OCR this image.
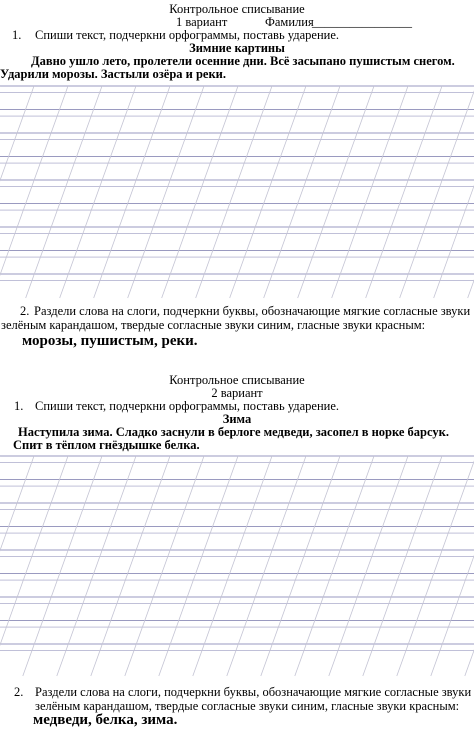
Контрольное списывание
1 вариант	Фамилия
________________
1. Спиши текст, подчеркни орфограммы, поставь ударение.
Зимние картины
Давно ушло лето, пролетели осенние дни. Всё засыпано пушистым снегом.
Ударили морозы. Застыли озёра и реки.
2. Раздели слова на слоги, подчеркни буквы, обозначающие мягкие согласные звуки
зелёным карандашом, твердые согласные звуки синим, гласные звуки красным:
морозы, пушистым, реки.
Контрольное списывание
2 вариант
1. Спиши текст, подчеркни орфограммы, поставь ударение.
Зима
Наступила зима. Сладко заснули в берлоге медведи, засопел в норке барсук.
Спит в тёплом гнёздышке белка.
2. Раздели слова на слоги, подчеркни буквы, обозначающие мягкие согласные звуки
зелёным карандашом, твердые согласные звуки синим, гласные звуки красным:
медведи, белка, зима.
